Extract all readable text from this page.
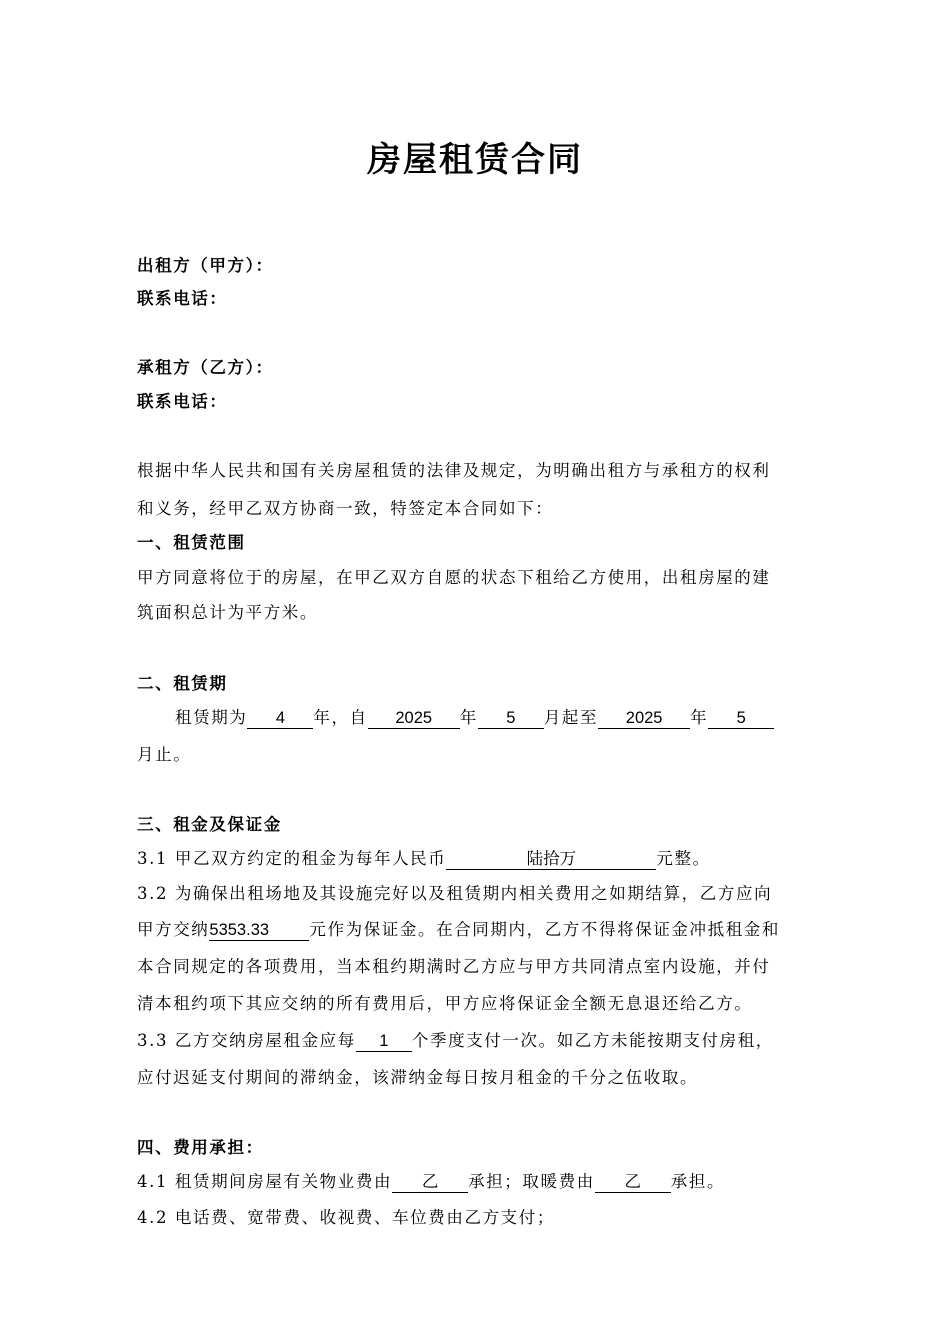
房屋租赁合同
出租方（甲方）：
联系电话：
承租方（乙方）：
联系电话：
根据中华人民共和国有关房屋租赁的法律及规定，为明确出租方与承租方的权利
和义务，经甲乙双方协商一致，特签定本合同如下：
一、租赁范围
甲方同意将位于的房屋，在甲乙双方自愿的状态下租给乙方使用，出租房屋的建
筑面积总计为平方米。
二、租赁期
租赁期为 4 年，自 2025 年 5 月起至 2025 年 5
月止。
三、租金及保证金
3.1 甲乙双方约定的租金为每年人民币	陆拾万	元整。
3.2 为确保出租场地及其设施完好以及租赁期内相关费用之如期结算，乙方应向
甲方交纳5353.33 元作为保证金。在合同期内，乙方不得将保证金冲抵租金和
本合同规定的各项费用，当本租约期满时乙方应与甲方共同清点室内设施，并付
清本租约项下其应交纳的所有费用后，甲方应将保证金全额无息退还给乙方。
3.3 乙方交纳房屋租金应每 1 个季度支付一次。如乙方未能按期支付房租，
应付迟延支付期间的滞纳金，该滞纳金每日按月租金的千分之伍收取。
四、费用承担：
4.1 租赁期间房屋有关物业费由 乙 承担；取暖费由 乙 承担。
4.2 电话费、宽带费、收视费、车位费由乙方支付；
